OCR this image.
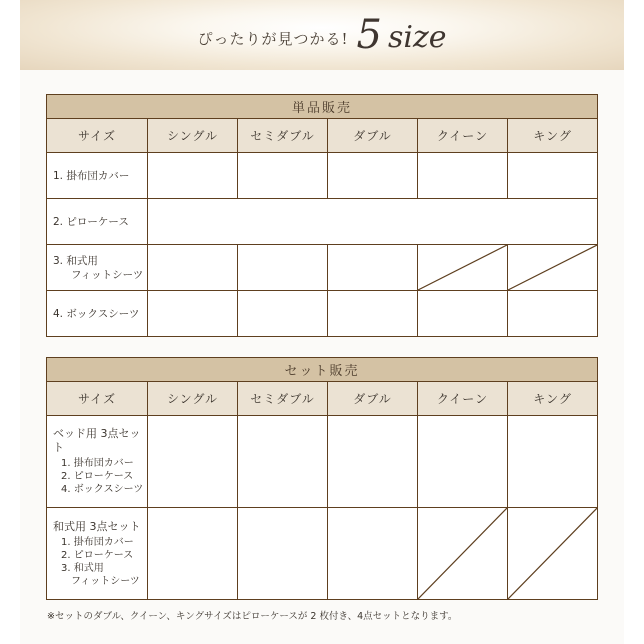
ぴったりが見つかる! 5 size
単品販売					
サイズ	シングル	セミダブル	ダブル	クイーン	キング
1. 掛布団カバー					
2. ピローケース					
3. 和式用
フィットシーツ

4. ボックスシーツ					
セット販売					
サイズ	シングル	セミダブル	ダブル	クイーン	キング

ベッド用 3点セット
1. 掛布団カバー
2. ピローケース
4. ボックスシーツ					

和式用 3点セット
1. 掛布団カバー
2. ピローケース
3. 和式用
フィットシーツ

※セットのダブル、クイーン、キングサイズはピローケースが 2 枚付き、4点セットとなります。
